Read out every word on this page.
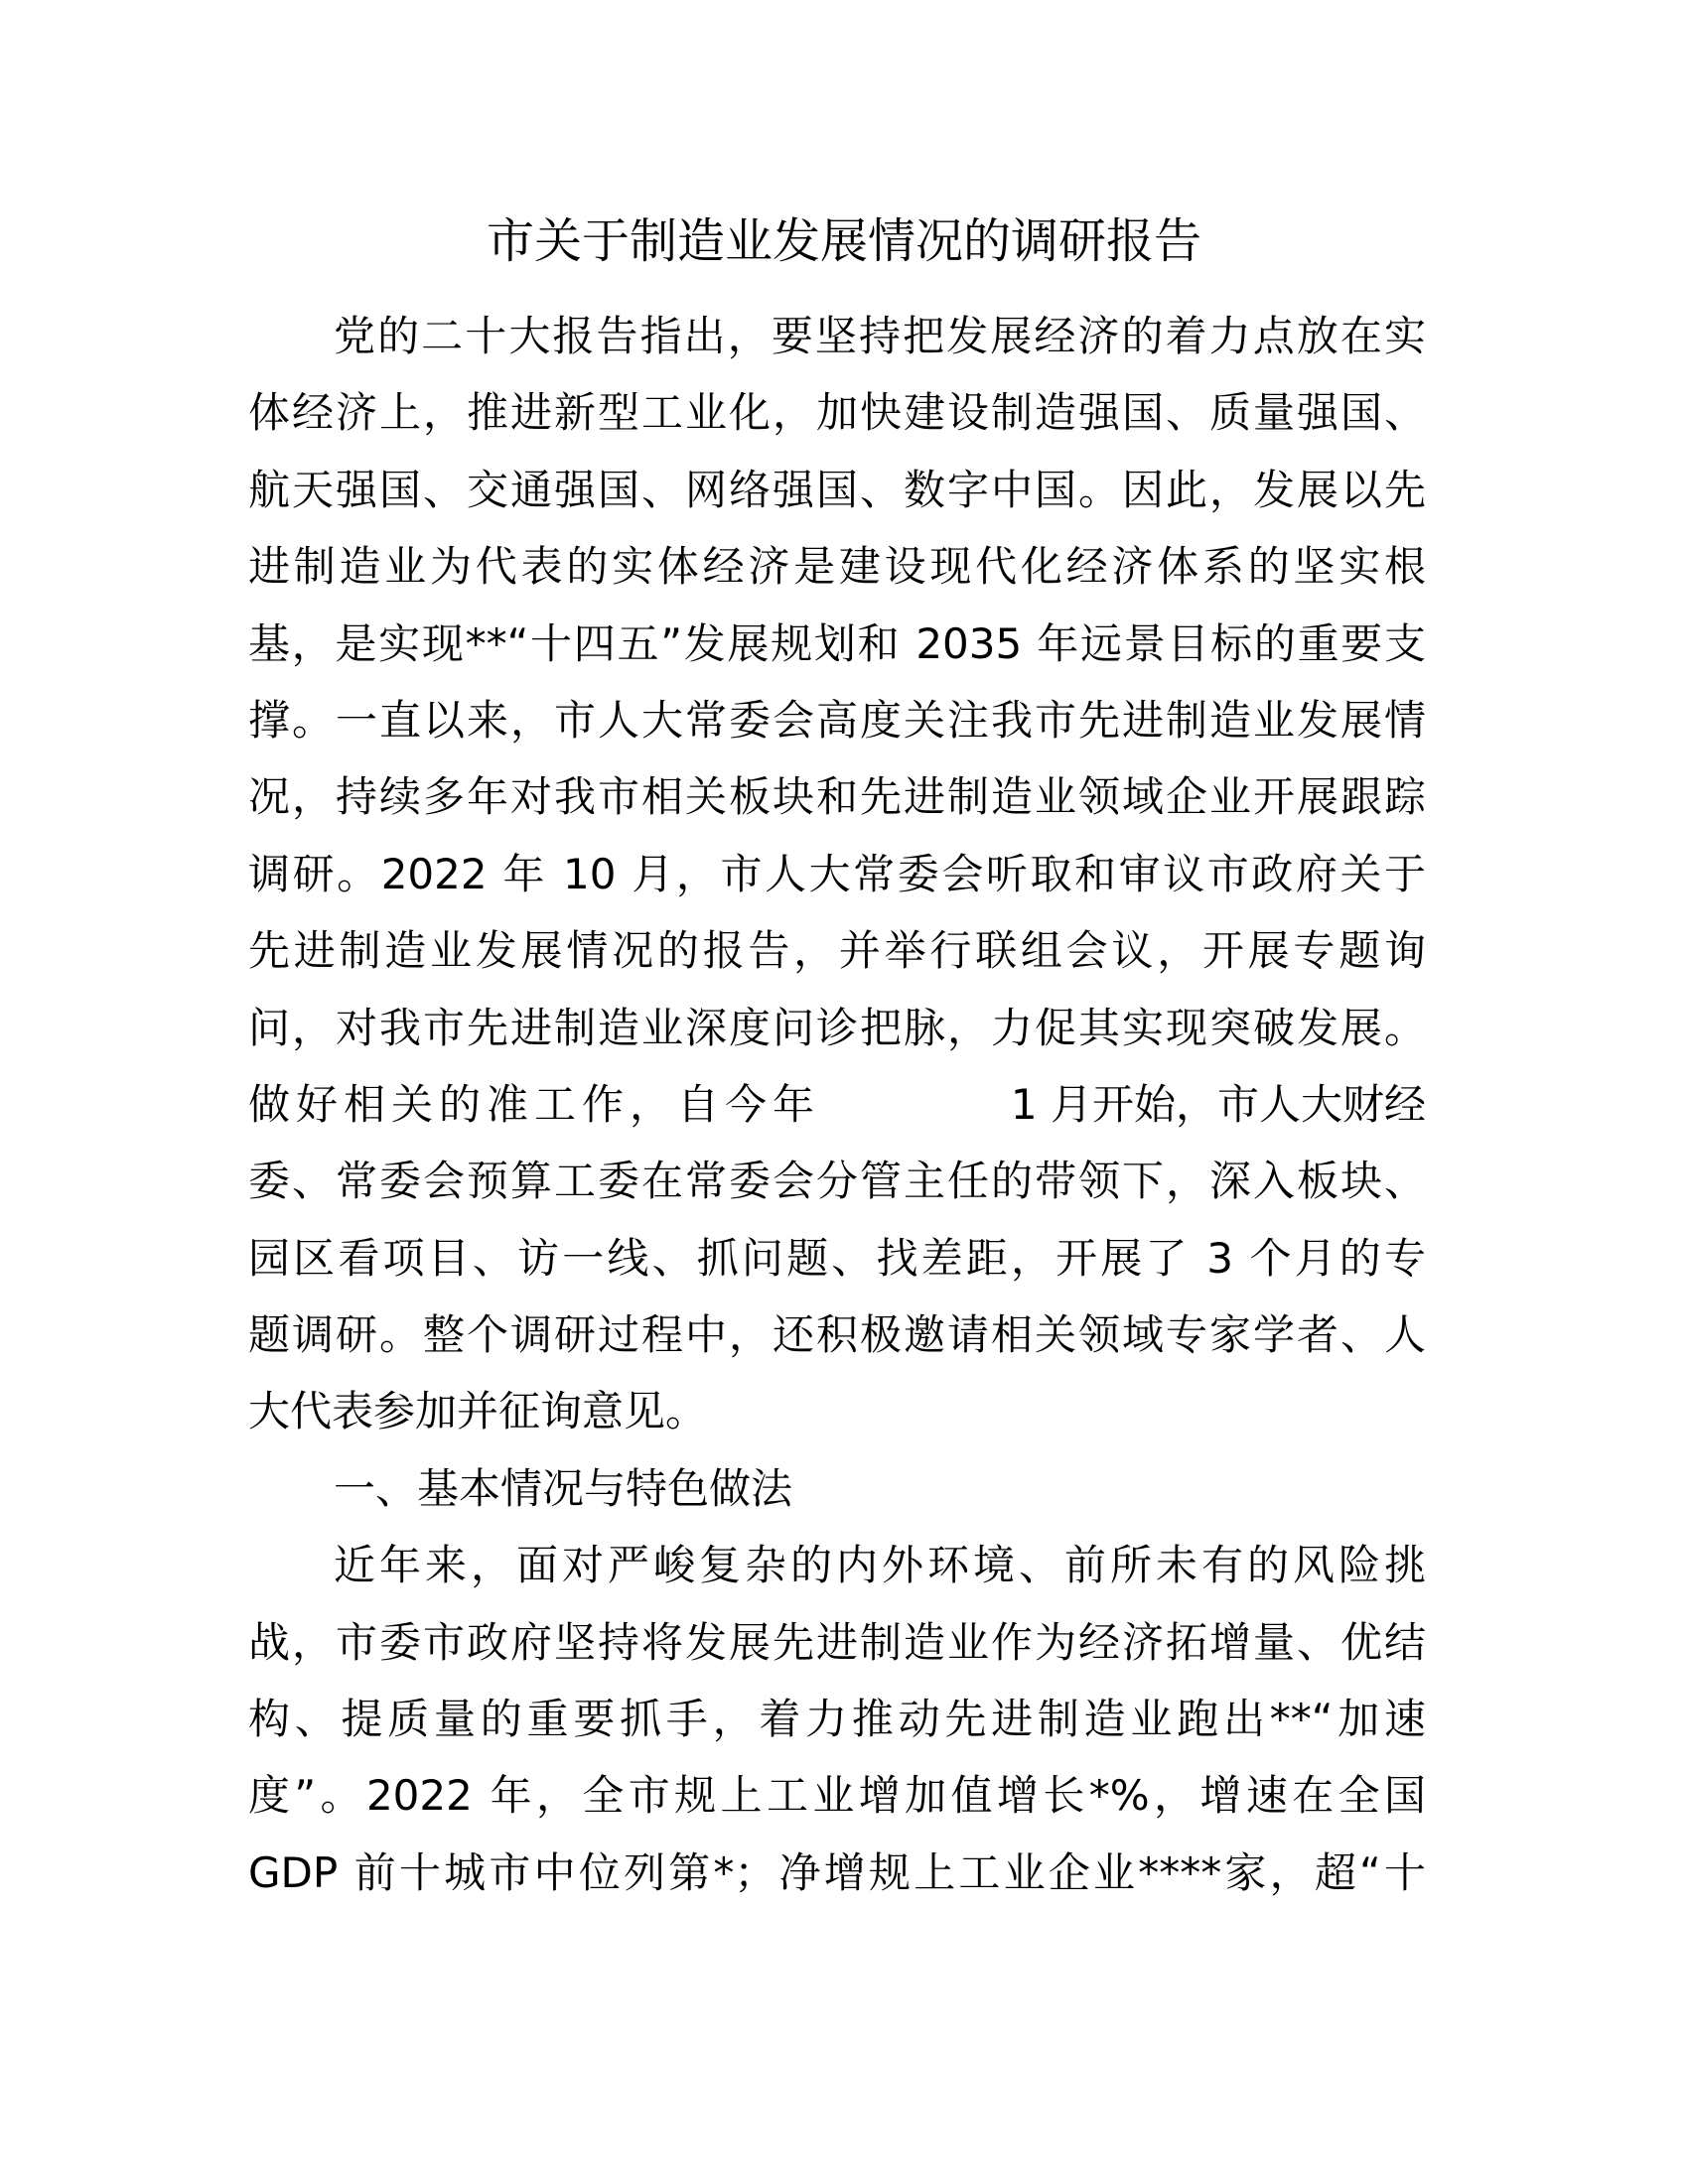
市关于制造业发展情况的调研报告
党的二十大报告指出，要坚持把发展经济的着力点放在实
体经济上，推进新型工业化，加快建设制造强国、质量强国、
航天强国、交通强国、网络强国、数字中国。因此，发展以先
进制造业为代表的实体经济是建设现代化经济体系的坚实根
基，是实现**“十四五”发展规划和 2035 年远景目标的重要支
撑。一直以来，市人大常委会高度关注我市先进制造业发展情
况，持续多年对我市相关板块和先进制造业领域企业开展跟踪
调研。2022 年 10 月，市人大常委会听取和审议市政府关于
先进制造业发展情况的报告，并举行联组会议，开展专题询
问，对我市先进制造业深度问诊把脉，力促其实现突破发展。
做好相关的准工作，自今年	1 月开始，市人大财经
委、常委会预算工委在常委会分管主任的带领下，深入板块、
园区看项目、访一线、抓问题、找差距，开展了 3 个月的专
题调研。整个调研过程中，还积极邀请相关领域专家学者、人
大代表参加并征询意见。
一、基本情况与特色做法
近年来，面对严峻复杂的内外环境、前所未有的风险挑
战，市委市政府坚持将发展先进制造业作为经济拓增量、优结
构、提质量的重要抓手，着力推动先进制造业跑出**“加速
度”。2022 年，全市规上工业增加值增长*%，增速在全国
GDP 前十城市中位列第*；净增规上工业企业****家，超“十
